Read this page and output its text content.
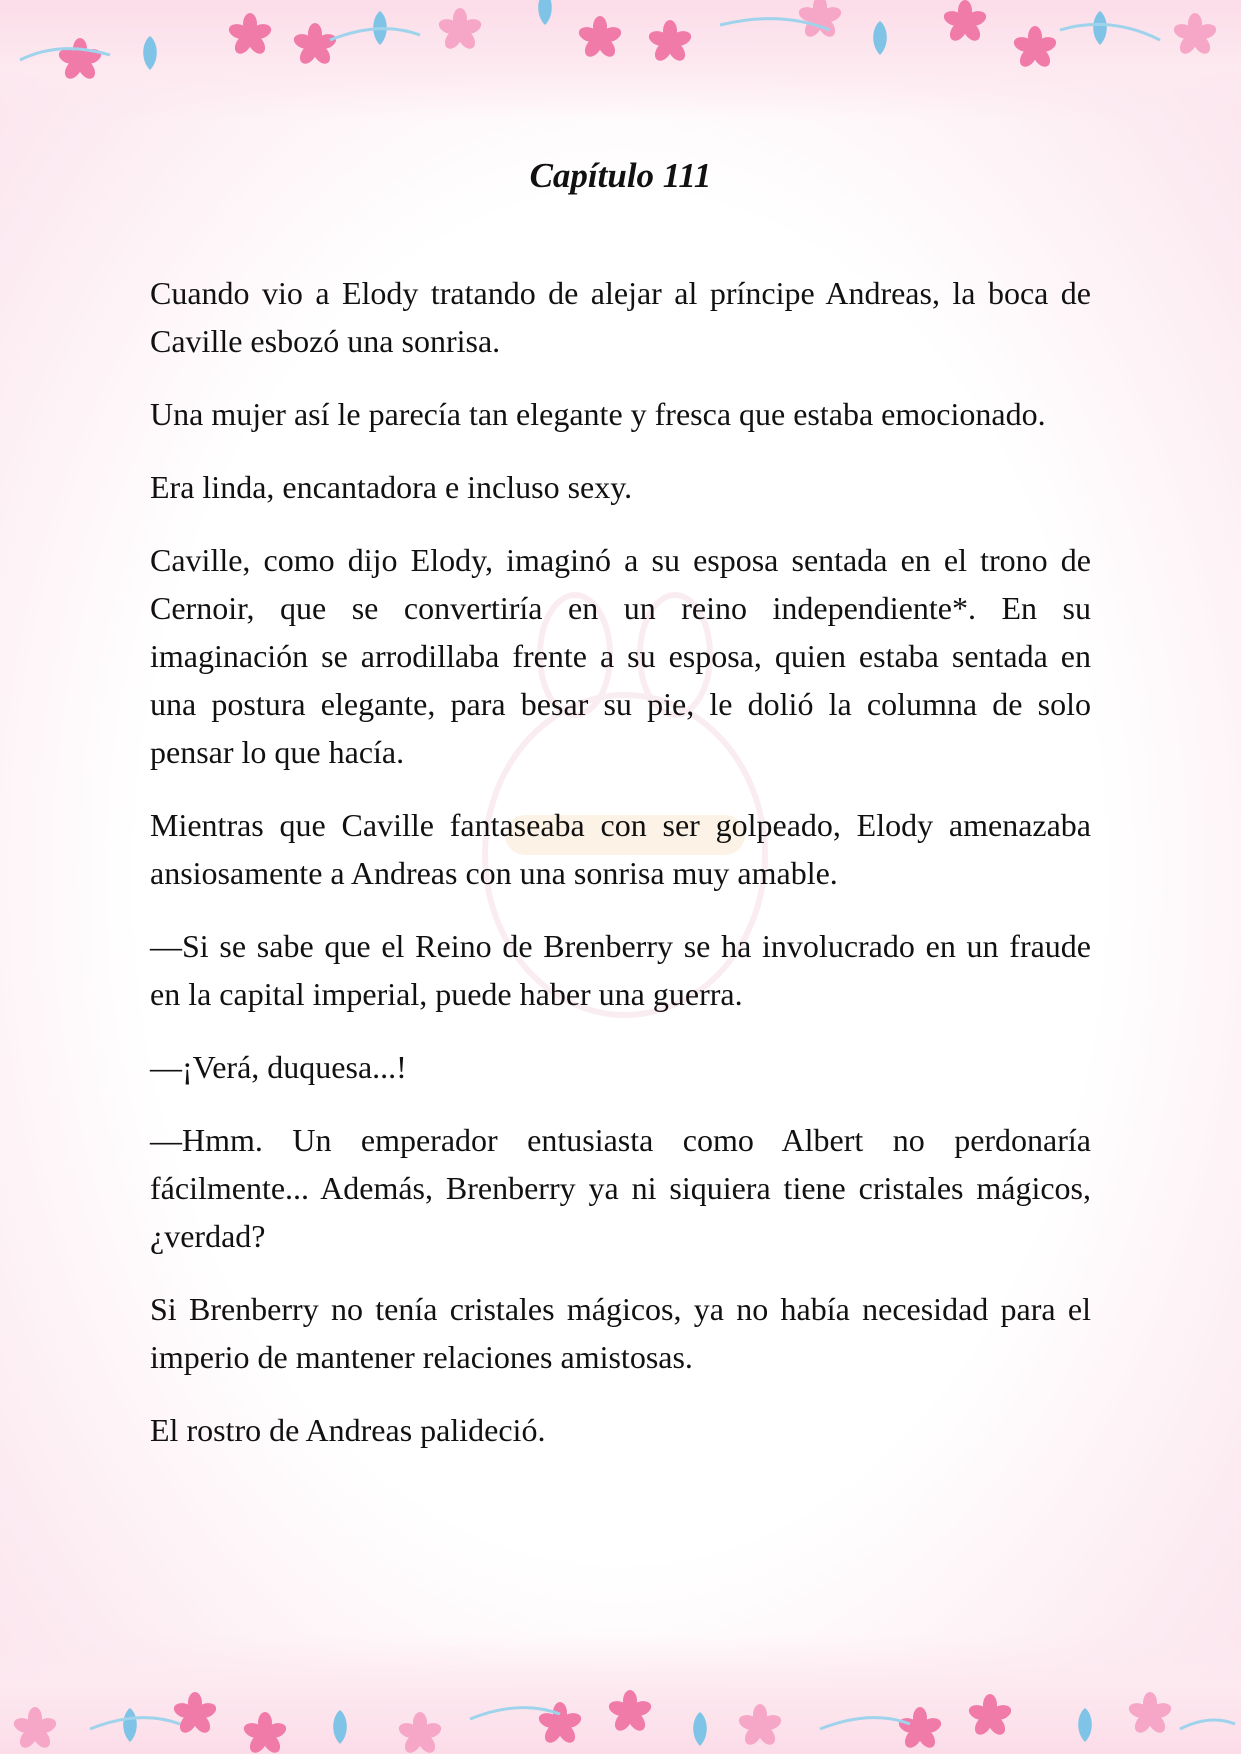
Capítulo 111

Cuando vio a Elody tratando de alejar al príncipe Andreas, la boca de Caville esbozó una sonrisa.

Una mujer así le parecía tan elegante y fresca que estaba emocionado.

Era linda, encantadora e incluso sexy.

Caville, como dijo Elody, imaginó a su esposa sentada en el trono de Cernoir, que se convertiría en un reino independiente*. En su imaginación se arrodillaba frente a su esposa, quien estaba sentada en una postura elegante, para besar su pie, le dolió la columna de solo pensar lo que hacía.

Mientras que Caville fantaseaba con ser golpeado, Elody amenazaba ansiosamente a Andreas con una sonrisa muy amable.

—Si se sabe que el Reino de Brenberry se ha involucrado en un fraude en la capital imperial, puede haber una guerra.

—¡Verá, duquesa...!

—Hmm. Un emperador entusiasta como Albert no perdonaría fácilmente... Además, Brenberry ya ni siquiera tiene cristales mágicos, ¿verdad?

Si Brenberry no tenía cristales mágicos, ya no había necesidad para el imperio de mantener relaciones amistosas.

El rostro de Andreas palideció.
